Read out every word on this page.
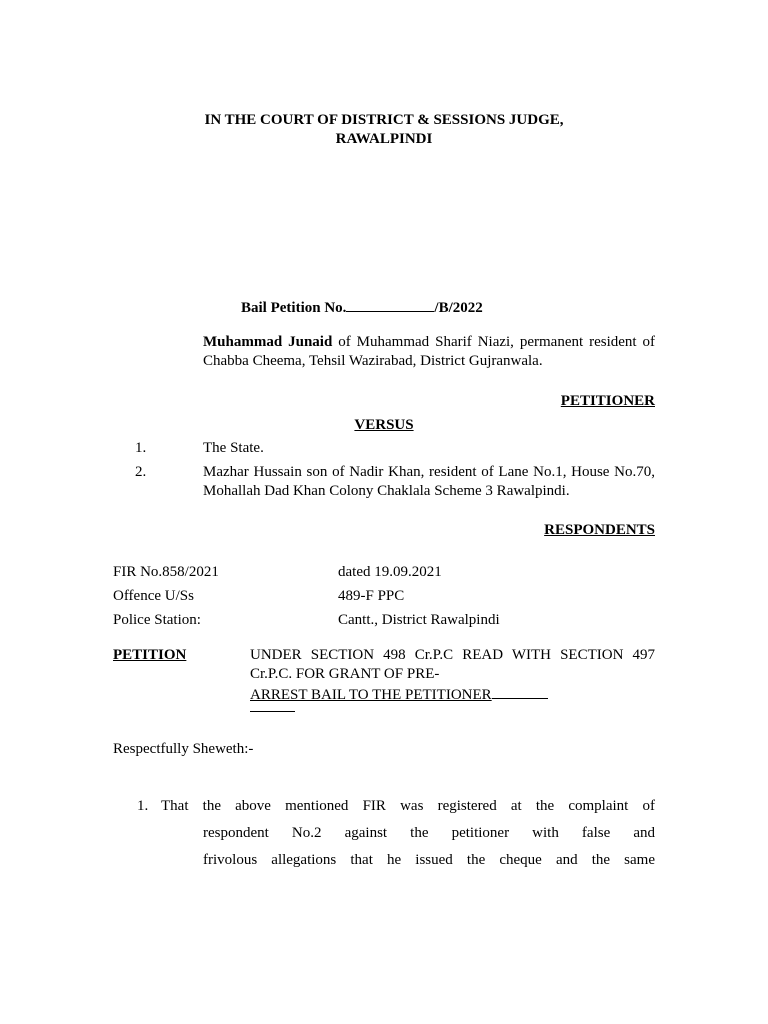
IN THE COURT OF DISTRICT & SESSIONS JUDGE,
RAWALPINDI
Bail Petition No.	/B/2022
Muhammad Junaid of Muhammad Sharif Niazi, permanent resident of Chabba Cheema, Tehsil Wazirabad, District Gujranwala.
PETITIONER
VERSUS
1.	The State.
2.	Mazhar Hussain son of Nadir Khan, resident of Lane No.1, House No.70, Mohallah Dad Khan Colony Chaklala Scheme 3 Rawalpindi.
RESPONDENTS
FIR No.858/2021	dated 19.09.2021
Offence U/Ss	489-F PPC
Police Station:	Cantt., District Rawalpindi
PETITION	UNDER SECTION 498 Cr.P.C READ WITH SECTION 497 Cr.P.C. FOR GRANT OF PRE-
ARREST BAIL TO THE PETITIONER
Respectfully Sheweth:-
1. That the above mentioned FIR was registered at the complaint of
respondent No.2 against the petitioner with false and
frivolous allegations that he issued the cheque and the same
